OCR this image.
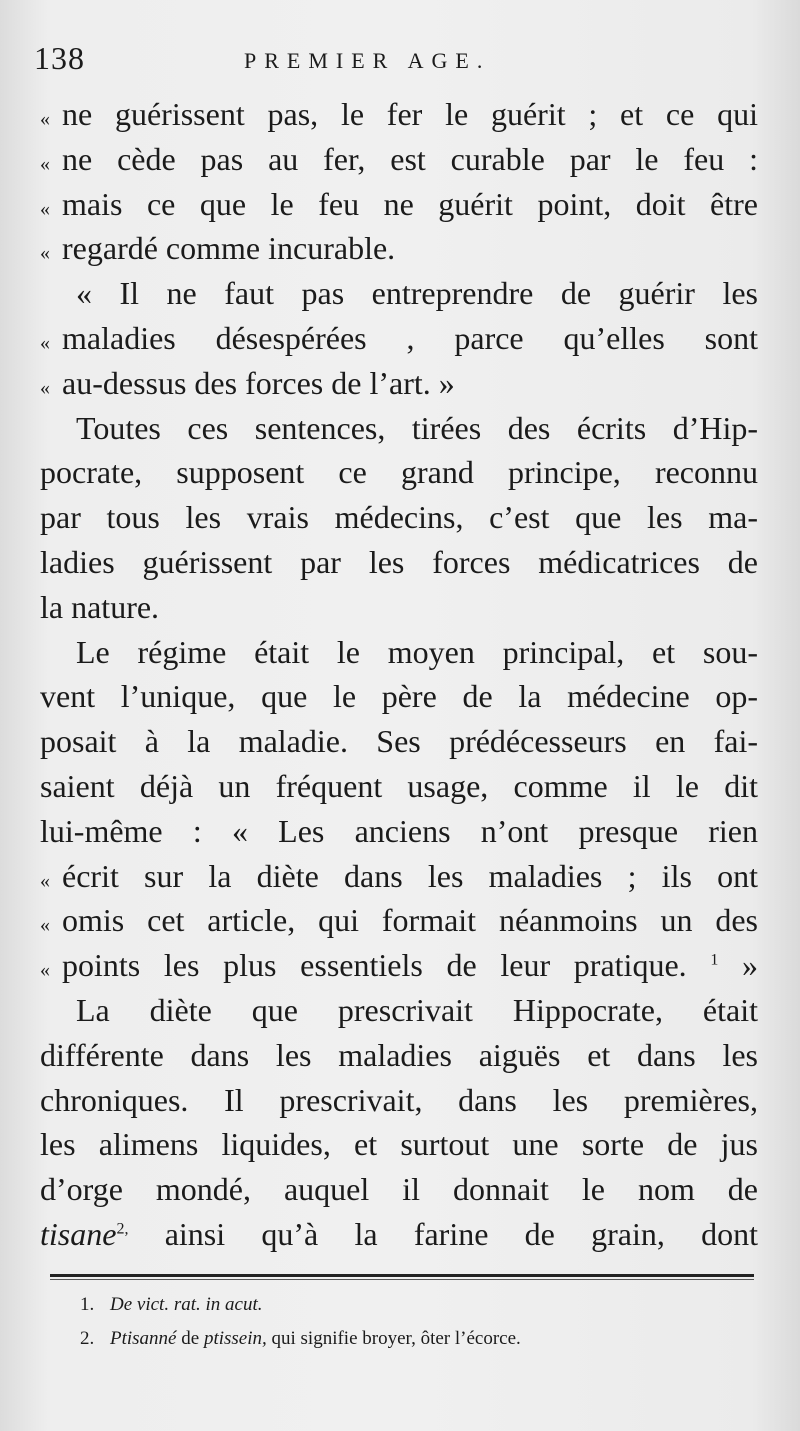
138	PREMIER AGE.
« ne guérissent pas, le fer le guérit ; et ce qui
« ne cède pas au fer, est curable par le feu :
« mais ce que le feu ne guérit point, doit être
« regardé comme incurable.
« Il ne faut pas entreprendre de guérir les
« maladies désespérées , parce qu’elles sont
« au-dessus des forces de l’art. »
Toutes ces sentences, tirées des écrits d’Hip-
pocrate, supposent ce grand principe, reconnu
par tous les vrais médecins, c’est que les ma-
ladies guérissent par les forces médicatrices de
la nature.
Le régime était le moyen principal, et sou-
vent l’unique, que le père de la médecine op-
posait à la maladie. Ses prédécesseurs en fai-
saient déjà un fréquent usage, comme il le dit
lui-même : « Les anciens n’ont presque rien
« écrit sur la diète dans les maladies ; ils ont
« omis cet article, qui formait néanmoins un des
« points les plus essentiels de leur pratique. $^1$ »
La diète que prescrivait Hippocrate, était
différente dans les maladies aiguës et dans les
chroniques. Il prescrivait, dans les premières,
les alimens liquides, et surtout une sorte de jus
d’orge mondé, auquel il donnait le nom de
tisane$^{2,}$ ainsi qu’à la farine de grain, dont
1. De vict. rat. in acut.
2. Ptisanné de ptissein, qui signifie broyer, ôter l’écorce.
